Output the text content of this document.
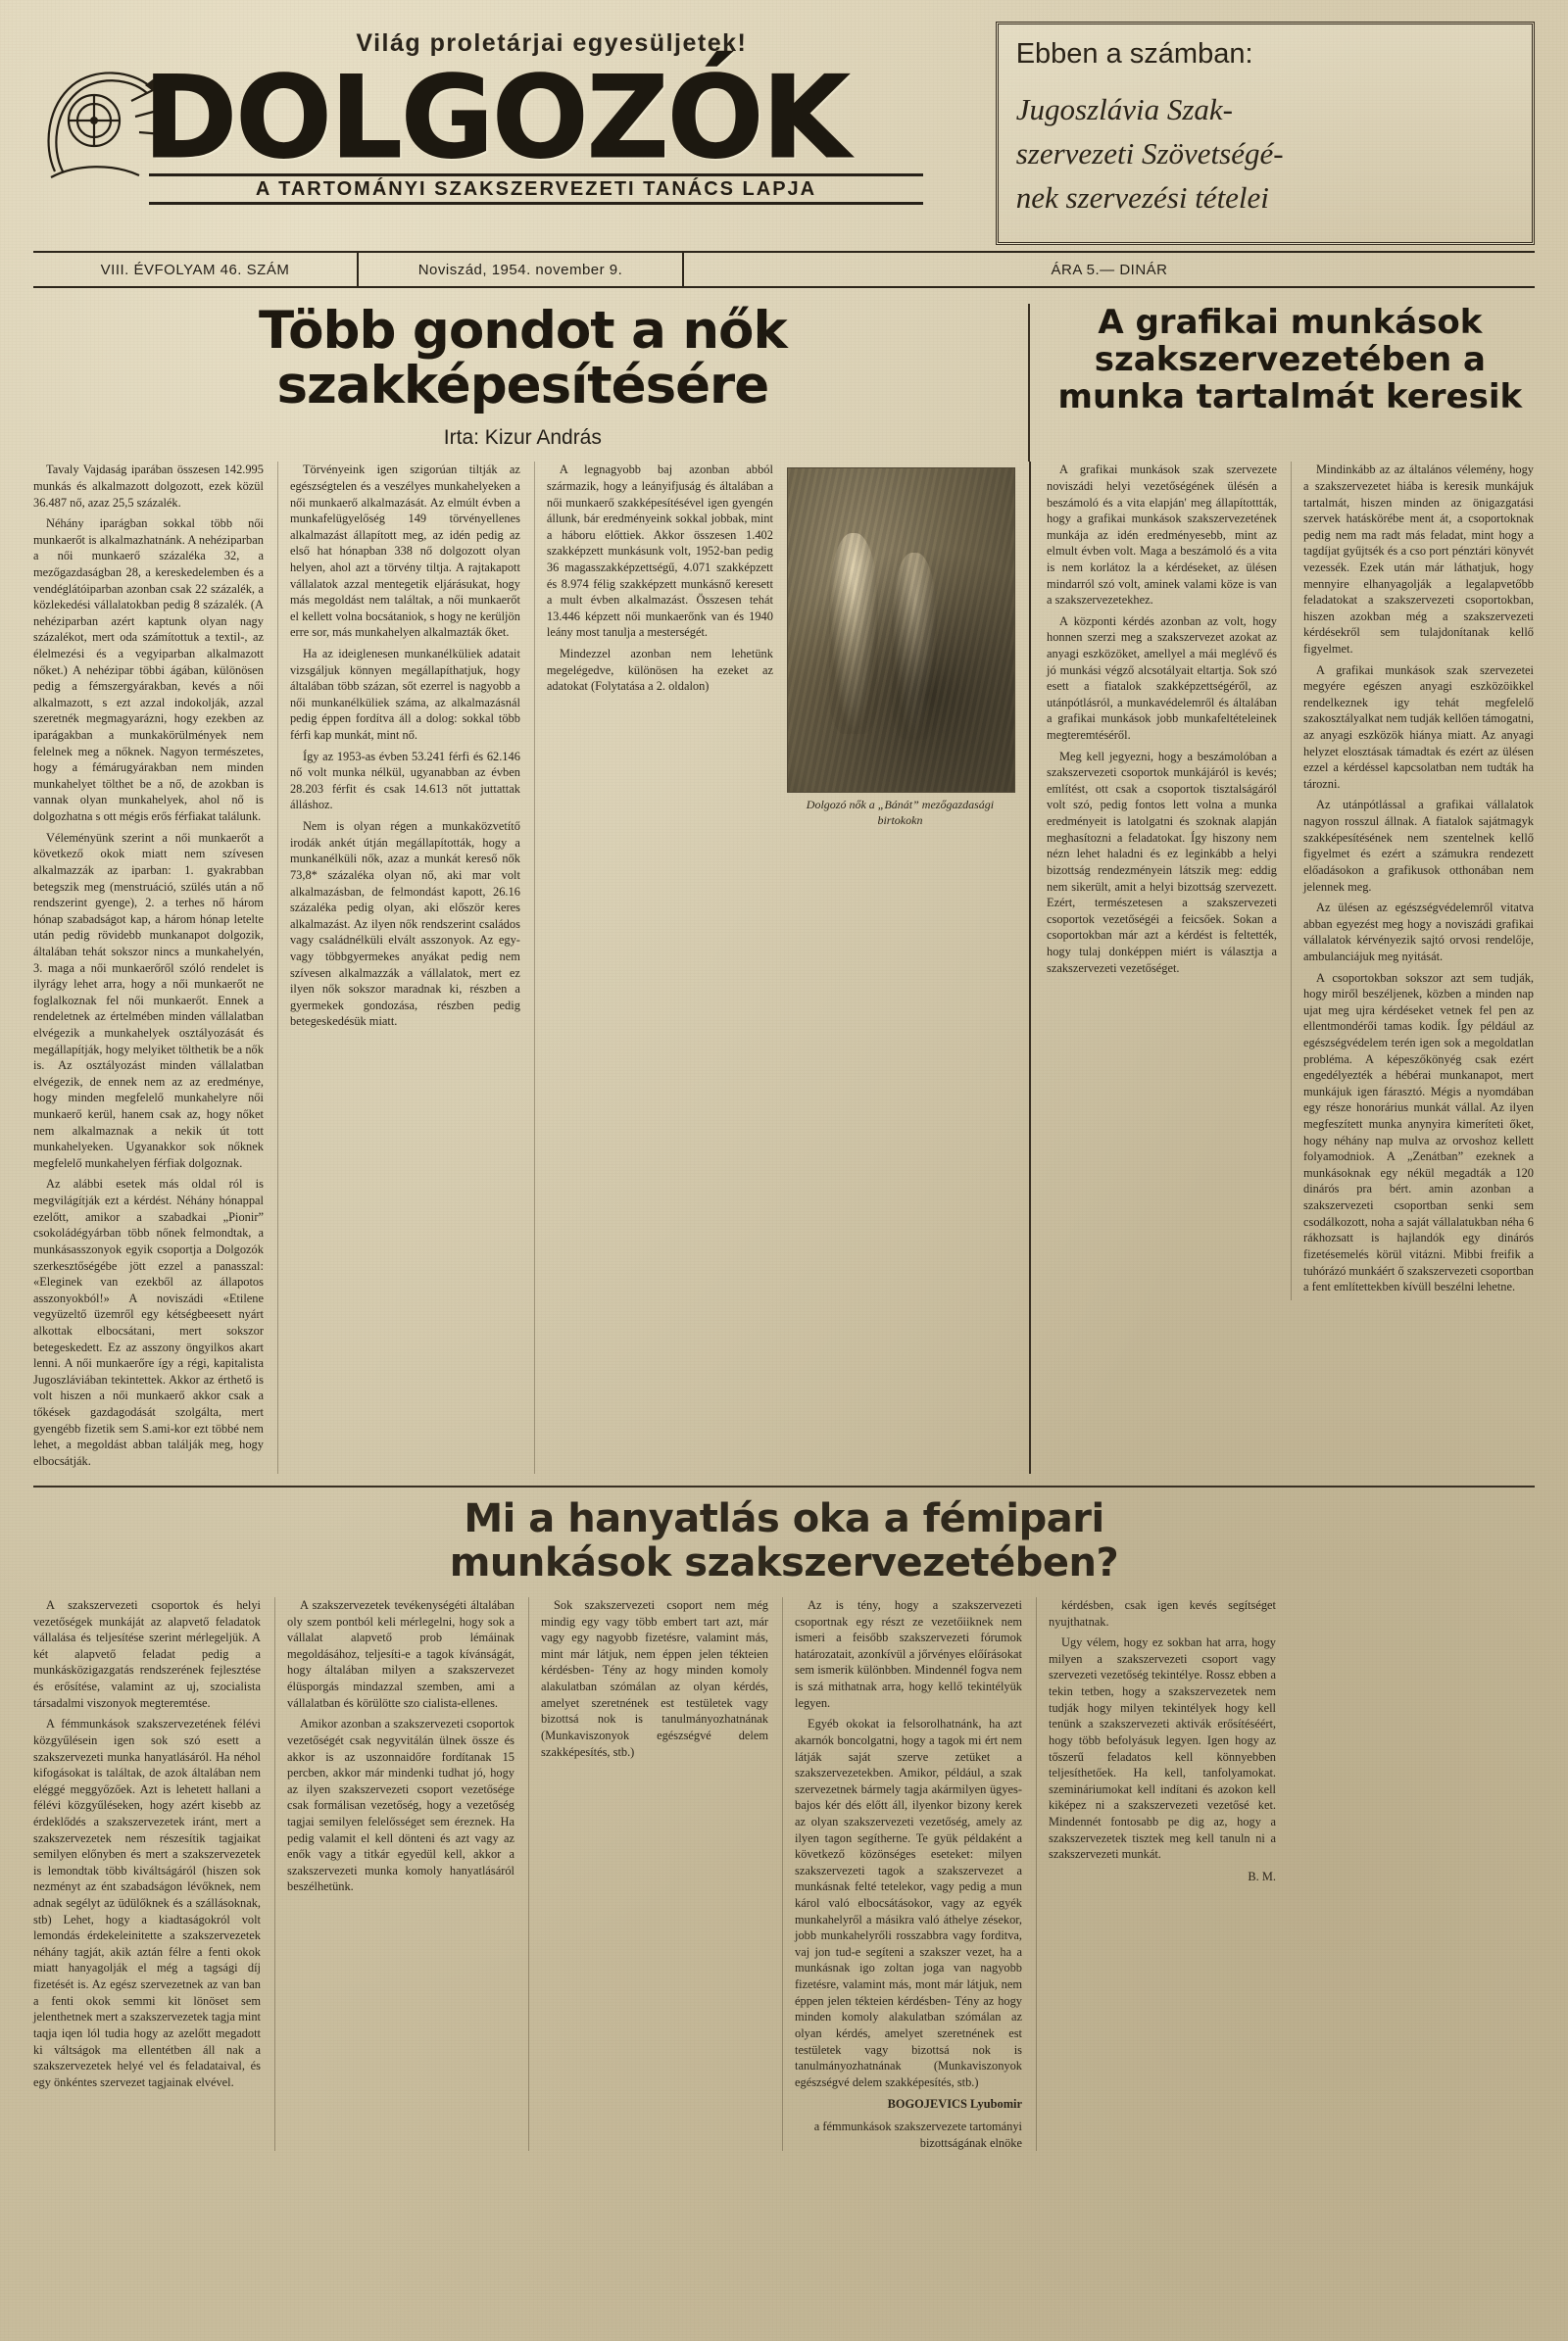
Világ proletárjai egyesüljetek!
DOLGOZÓK
A TARTOMÁNYI SZAKSZERVEZETI TANÁCS LAPJA
Ebben a számban:
Jugoszlávia Szak-
szervezeti Szövetségé-
nek szervezési tételei
VIII. ÉVFOLYAM 46. SZÁM	Noviszád, 1954. november 9.	ÁRA 5.— DINÁR
Több gondot a nők szakképesítésére
Irta: Kizur András
A grafikai munkások szakszervezetében a munka tartalmát keresik

Tavaly Vajdaság iparában összesen 142.995 munkás és alkalmazott dolgozott, ezek közül 36.487 nő, azaz 25,5 százalék.

Néhány iparágban sokkal több női munkaerőt is alkalmazhatnánk. A nehéziparban a női munkaerő százaléka 32, a mezőgazdaságban 28, a kereskedelemben és a vendéglátóiparban azonban csak 22 százalék, a közlekedési vállalatokban pedig 8 százalék. (A nehéziparban azért kaptunk olyan nagy százalékot, mert oda számítottuk a textil-, az élelmezési és a vegyiparban alkalmazott nőket.) A nehézipar többi ágában, különösen pedig a fémszergyárakban, kevés a női alkalmazott, s ezt azzal indokolják, azzal szeretnék megmagyarázni, hogy ezekben az iparágakban a munkakörülmények nem felelnek meg a nőknek. Nagyon természetes, hogy a fémárugyárakban nem minden munkahelyet tölthet be a nő, de azokban is vannak olyan munkahelyek, ahol nő is dolgozhatna s ott mégis erős férfiakat találunk.

Véleményünk szerint a női munkaerőt a következő okok miatt nem szívesen alkalmazzák az iparban: 1. gyakrabban betegszik meg (menstruáció, szülés után a nő rendszerint gyenge), 2. a terhes nő három hónap szabadságot kap, a három hónap letelte után pedig rövidebb munkanapot dolgozik, általában tehát sokszor nincs a munkahelyén, 3. maga a női munkaerőről szóló rendelet is ilyrágy lehet arra, hogy a női munkaerőt ne foglalkoznak fel női munkaerőt. Ennek a rendeletnek az értelmében minden vállalatban elvégezik a munkahelyek osztályozását és megállapítják, hogy melyiket tölthetik be a nők is. Az osztályozást minden vállalatban elvégezik, de ennek nem az az eredménye, hogy minden megfelelő munkahelyre női munkaerő kerül, hanem csak az, hogy nőket nem alkalmaznak a nekik út tott munkahelyeken. Ugyanakkor sok nőknek megfelelő munkahelyen férfiak dolgoznak.

Az alábbi esetek más oldal ról is megvilágítják ezt a kérdést. Néhány hónappal ezelőtt, amikor a szabadkai „Pionir” csokoládégyárban több nőnek felmondtak, a munkásasszonyok egyik csoportja a Dolgozók szerkesztőségébe jött ezzel a panasszal: «Eleginek van ezekből az állapotos asszonyokból!» A noviszádi «Etilene vegyüzeltő üzemről egy kétségbeesett nyárt alkottak elbocsátani, mert sokszor betegeskedett. Ez az asszony öngyilkos akart lenni. A női munkaerőre így a régi, kapitalista Jugoszláviában tekintettek. Akkor az érthető is volt hiszen a női munkaerő akkor csak a tőkések gazdagodását szolgálta, mert gyengébb fizetik sem S.ami-kor ezt többé nem lehet, a megoldást abban találják meg, hogy elbocsátják.

Törvényeink igen szigorúan tiltják az egészségtelen és a veszélyes munkahelyeken a női munkaerő alkalmazását. Az elmúlt évben a munkafelügyelőség 149 törvényellenes alkalmazást állapított meg, az idén pedig az első hat hónapban 338 nő dolgozott olyan helyen, ahol azt a törvény tiltja. A rajtakapott vállalatok azzal mentegetik eljárásukat, hogy más megoldást nem találtak, a női munkaerőt el kellett volna bocsátaniok, s hogy ne kerüljön erre sor, más munkahelyen alkalmazták őket.

Ha az ideiglenesen munkanélküliek adatait vizsgáljuk könnyen megállapíthatjuk, hogy általában több százan, sőt ezerrel is nagyobb a női munkanélküliek száma, az alkalmazásnál pedig éppen fordítva áll a dolog: sokkal több férfi kap munkát, mint nő.

Így az 1953-as évben 53.241 férfi és 62.146 nő volt munka nélkül, ugyanabban az évben 28.203 férfit és csak 14.613 nőt juttattak álláshoz.

Nem is olyan régen a munkaközvetítő irodák ankét útján megállapították, hogy a munkanélküli nők, azaz a munkát kereső nők 73,8* százaléka olyan nő, aki mar volt alkalmazásban, de felmondást kapott, 26.16 százaléka pedig olyan, aki először keres alkalmazást. Az ilyen nők rendszerint családos vagy családnélküli elvált asszonyok. Az egy- vagy többgyermekes anyákat pedig nem szívesen alkalmazzák a vállalatok, mert ez ilyen nők sokszor maradnak ki, részben a gyermekek gondozása, részben pedig betegeskedésük miatt.

A legnagyobb baj azonban abból származik, hogy a leányifjuság és általában a női munkaerő szakképesítésével igen gyengén állunk, bár eredményeink sokkal jobbak, mint a háboru előttiek. Akkor összesen 1.402 szakképzett munkásunk volt, 1952-ban pedig 36 magasszakképzettségű, 4.071 szakképzett és 8.974 félig szakképzett munkásnő keresett a mult évben alkalmazást. Összesen tehát 13.446 képzett női munkaerőnk van és 1940 leány most tanulja a mesterségét.

Mindezzel azonban nem lehetünk megelégedve, különösen ha ezeket az adatokat (Folytatása a 2. oldalon)

Dolgozó nők a „Bánát” mezőgazdasági birtokokn

A grafikai munkások szak szervezete noviszádi helyi vezetőségének ülésén a beszámoló és a vita elapján' meg állapítottták, hogy a grafikai munkások szakszervezetének munkája az idén eredményesebb, mint az elmult évben volt. Maga a beszámoló és a vita is nem korlátoz la a kérdéseket, az ülésen mindarról szó volt, aminek valami köze is van a szakszervezetekhez.

A központi kérdés azonban az volt, hogy honnen szerzi meg a szakszervezet azokat az anyagi eszközöket, amellyel a mái meglévő és jó munkási végző alcsotályait eltartja. Sok szó esett a fiatalok szakképzettségéről, az utánpótlásról, a munkavédelemről és általában a grafikai munkások jobb munkafeltételeinek megteremtéséről.

Meg kell jegyezni, hogy a beszámolóban a szakszervezeti csoportok munkájáról is kevés; említést, ott csak a csoportok tisztalságáról volt szó, pedig fontos lett volna a munka eredményeit is latolgatni és szoknak alapján meghasítozni a feladatokat. Így hiszony nem nézn lehet haladni és ez leginkább a helyi bizottság rendezményein látszik meg: eddig nem sikerült, amit a helyi bizottság szervezett. Ezért, természetesen a szakszervezeti csoportok vezetőségéi a feicsőek. Sokan a csoportokban már azt a kérdést is feltették, hogy tulaj donképpen miért is választja a szakszervezeti vezetőséget.

Mindinkább az az általános vélemény, hogy a szakszervezetet hiába is keresik munkájuk tartalmát, hiszen minden az önigazgatási szervek hatáskörébe ment át, a csoportoknak pedig nem ma radt más feladat, mint hogy a tagdíjat gyűjtsék és a cso port pénztári könyvét vezessék. Ezek után már láthatjuk, hogy mennyire elhanyagolják a legalapvetőbb feladatokat a szakszervezeti csoportokban, hiszen azokban még a szakszervezeti kérdésekről sem tulajdonítanak kellő figyelmet.

A grafikai munkások szak szervezetei megyére egészen anyagi eszközöikkel rendelkeznek igy tehát megfelelő szakosztályalkat nem tudják kellően támogatni, az anyagi eszközök hiánya miatt. Az anyagi helyzet elosztásak támadtak és ezért az ülésen ezzel a kérdéssel kapcsolatban nem tudták ha tározni.

Az utánpótlással a grafikai vállalatok nagyon rosszul állnak. A fiatalok sajátmagyk szakképesítésének nem szentelnek kellő figyelmet és ezért a számukra rendezett előadásokon a grafikusok otthonában nem jelennek meg.

Az ülésen az egészségvédelemről vitatva abban egyezést meg hogy a noviszádi grafikai vállalatok kérvényezik sajtó orvosi rendelője, ambulanciájuk meg nyitását.

A csoportokban sokszor azt sem tudják, hogy miről beszéljenek, közben a minden nap ujat meg ujra kérdéseket vetnek fel pen az ellentmondérői tamas kodik. Így például az egészségvédelem terén igen sok a megoldatlan probléma. A képeszőkönyég csak ezért engedélyezték a hébérai munkanapot, mert munkájuk igen fárasztó. Mégis a nyomdában egy része honorárius munkát vállal. Az ilyen megfeszített munka anynyira kimeríteti őket, hogy néhány nap mulva az orvoshoz kellett folyamodniok. A „Zenátban” ezeknek a munkásoknak egy nékül megadták a 120 dinárós pra bért. amin azonban a szakszervezeti csoportban senki sem csodálkozott, noha a saját vállalatukban néha 6 rákhozsatt is hajlandók egy dinárós fizetésemelés körül vitázni. Mibbi freifik a tuhórázó munkáért ő szakszervezeti csoportban a fent említettekben kívüll beszélni lehetne.

Mi a hanyatlás oka a fémipari
munkások szakszervezetében?

A szakszervezeti csoportok és helyi vezetőségek munkáját az alapvető feladatok vállalása és teljesítése szerint mérlegeljük. A két alapvető feladat pedig a munkásközigazgatás rendszerének fejlesztése és erősítése, valamint az uj, szocialista társadalmi viszonyok megteremtése.

A fémmunkások szakszervezetének félévi közgyűlésein igen sok szó esett a szakszervezeti munka hanyatlásáról. Ha néhol kifogásokat is találtak, de azok általában nem eléggé meggyőzőek. Azt is lehetett hallani a félévi közgyűléseken, hogy azért kisebb az érdeklődés a szakszervezetek iránt, mert a szakszervezetek nem részesítik tagjaikat semilyen előnyben és mert a szakszervezetek is lemondtak több kiváltságáról (hiszen sok nezményt az ént szabadságon lévőknek, nem adnak segélyt az üdülőknek és a szállásoknak, stb) Lehet, hogy a kiadtaságokról volt lemondás érdekeleinitette a szakszervezetek néhány tagját, akik aztán félre a fenti okok miatt hanyagolják el még a tagsági díj fizetését is. Az egész szervezetnek az van ban a fenti okok semmi kit lönöset sem jelenthetnek mert a szakszervezetek tagja mint taqja iqen lól tudia hogy az azelőtt megadott ki váltságok ma ellentétben áll nak a szakszervezetek helyé vel és feladataival, és egy önkéntes szervezet tagjainak elvével.

A szakszervezetek tevékenységéti általában oly szem pontból keli mérlegelni, hogy sok a vállalat alapvető prob lémáinak megoldásához, teljesíti-e a tagok kívánságát, hogy általában milyen a szakszervezet élüsporgás mindazzal szemben, ami a vállalatban és körülötte szo cialista-ellenes.

Amikor azonban a szakszervezeti csoportok vezetőségét csak negyvitálán ülnek össze és akkor is az uszonnaidőre fordítanak 15 percben, akkor már mindenki tudhat jó, hogy az ilyen szakszervezeti csoport vezetősége csak formálisan vezetőség, hogy a vezetőség tagjai semilyen felelősséget sem éreznek. Ha pedig valamit el kell dönteni és azt vagy az enők vagy a titkár egyedül kell, akkor a szakszervezeti munka komoly hanyatlásáról beszélhetünk.

Sok szakszervezeti csoport nem még mindig egy vagy több embert tart azt, már vagy egy nagyobb fizetésre, valamint más, mint már látjuk, nem éppen jelen tékteien kérdésben- Tény az hogy minden komoly alakulatban szómálan az olyan kérdés, amelyet szeretnének est testületek vagy bizottsá nok is tanulmányozhatnának (Munkaviszonyok egészségvé delem szakképesítés, stb.)

Az is tény, hogy a szakszervezeti csoportnak egy részt ze vezetőiiknek nem ismeri a feisőbb szakszervezeti fórumok határozatait, azonkívül a jőrvényes előírásokat sem ismerik különbben. Mindennél fogva nem is szá mithatnak arra, hogy kellő tekintélyük legyen.

Egyéb okokat ia felsorolhatnánk, ha azt akarnók boncolgatni, hogy a tagok mi ért nem látják saját szerve zetüket a szakszervezetekben. Amikor, például, a szak szervezetnek bármely tagja akármilyen ügyes-bajos kér dés előtt áll, ilyenkor bizony kerek az olyan szakszervezeti vezetőség, amely az ilyen tagon segítherne. Te gyük példaként a következő közönséges eseteket: milyen szakszervezeti tagok a szakszervezet a munkásnak felté tetelekor, vagy pedig a mun károl való elbocsátásokor, vagy az egyék munkahelyről a másikra való áthelye zésekor, jobb munkahelyrőli rosszabbra vagy forditva, vaj jon tud-e segíteni a szakszer vezet, ha a munkásnak igo zoltan joga van nagyobb fizetésre, valamint más, mont már látjuk, nem éppen jelen tékteien kérdésben- Tény az hogy minden komoly alakulatban szómálan az olyan kérdés, amelyet szeretnének est testületek vagy bizottsá nok is tanulmányozhatnának (Munkaviszonyok egészségvé delem szakképesítés, stb.)

BOGOJEVICS Lyubomir
a fémmunkások szakszervezete tartományi bizottságának elnöke

kérdésben, csak igen kevés segítséget nyujthatnak.

Ugy vélem, hogy ez sokban hat arra, hogy milyen a szakszervezeti csoport vagy szervezeti vezetőség tekintélye. Rossz ebben a tekin tetben, hogy a szakszervezetek nem tudják hogy milyen tekintélyek hogy kell tenünk a szakszervezeti aktivák erősítéséért, hogy több befolyásuk legyen. Igen hogy az tőszerű feladatos kell könnyebben teljesíthetőek. Ha kell, tanfolyamokat. szemináriumokat kell indítani és azokon kell kiképez ni a szakszervezeti vezetősé ket. Mindennét fontosabb pe dig az, hogy a szakszervezetek tisztek meg kell tanuln ni a szakszervezeti munkát.

B. M.
